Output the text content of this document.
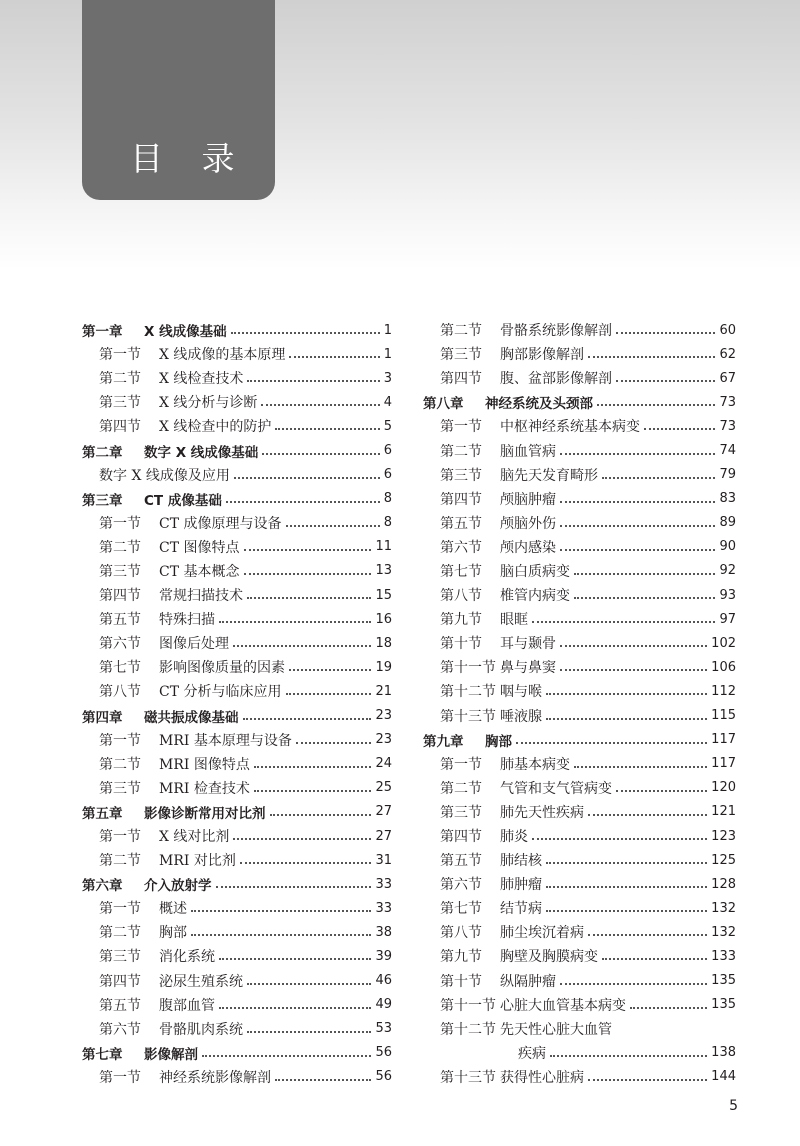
目 录
第一章	X 线成像基础	1
第一节	X 线成像的基本原理	1
第二节	X 线检查技术	3
第三节	X 线分析与诊断	4
第四节	X 线检查中的防护	5
第二章	数字 X 线成像基础	6
数字 X 线成像及应用	6
第三章	CT 成像基础	8
第一节	CT 成像原理与设备	8
第二节	CT 图像特点	11
第三节	CT 基本概念	13
第四节	常规扫描技术	15
第五节	特殊扫描	16
第六节	图像后处理	18
第七节	影响图像质量的因素	19
第八节	CT 分析与临床应用	21
第四章	磁共振成像基础	23
第一节	MRI 基本原理与设备	23
第二节	MRI 图像特点	24
第三节	MRI 检查技术	25
第五章	影像诊断常用对比剂	27
第一节	X 线对比剂	27
第二节	MRI 对比剂	31
第六章	介入放射学	33
第一节	概述	33
第二节	胸部	38
第三节	消化系统	39
第四节	泌尿生殖系统	46
第五节	腹部血管	49
第六节	骨骼肌肉系统	53
第七章	影像解剖	56
第一节	神经系统影像解剖	56
第二节	骨骼系统影像解剖	60
第三节	胸部影像解剖	62
第四节	腹、盆部影像解剖	67
第八章	神经系统及头颈部	73
第一节	中枢神经系统基本病变	73
第二节	脑血管病	74
第三节	脑先天发育畸形	79
第四节	颅脑肿瘤	83
第五节	颅脑外伤	89
第六节	颅内感染	90
第七节	脑白质病变	92
第八节	椎管内病变	93
第九节	眼眶	97
第十节	耳与颞骨	102
第十一节 鼻与鼻窦	106
第十二节 咽与喉	112
第十三节 唾液腺	115
第九章	胸部	117
第一节	肺基本病变	117
第二节	气管和支气管病变	120
第三节	肺先天性疾病	121
第四节	肺炎	123
第五节	肺结核	125
第六节	肺肿瘤	128
第七节	结节病	132
第八节	肺尘埃沉着病	132
第九节	胸壁及胸膜病变	133
第十节	纵隔肿瘤	135
第十一节 心脏大血管基本病变	135
第十二节 先天性心脏大血管
疾病	138
第十三节 获得性心脏病	144
5
